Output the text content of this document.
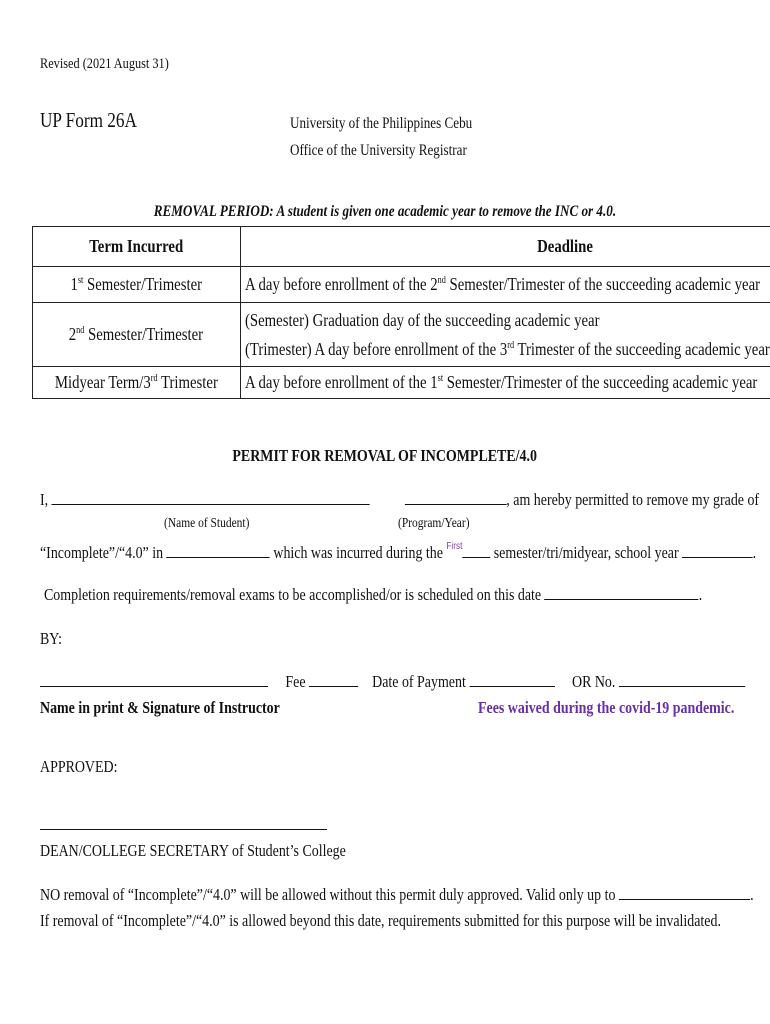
Revised (2021 August 31)
UP Form 26A	University of the Philippines Cebu
Office of the University Registrar
REMOVAL PERIOD: A student is given one academic year to remove the INC or 4.0.
Term Incurred	Deadline
1st Semester/Trimester	A day before enrollment of the 2nd Semester/Trimester of the succeeding academic year
2nd Semester/Trimester	(Semester) Graduation day of the succeeding academic year
(Trimester) A day before enrollment of the 3rd Trimester of the succeeding academic year

Midyear Term/3rd Trimester	A day before enrollment of the 1st Semester/Trimester of the succeeding academic year
PERMIT FOR REMOVAL OF INCOMPLETE/4.0
I,	, am hereby permitted to remove my grade of
(Name of Student)	(Program/Year)
“Incomplete”/“4.0” in	which was incurred during the $^{First}$ semester/tri/midyear, school year	.
Completion requirements/removal exams to be accomplished/or is scheduled on this date	.
BY:
Fee	Date of Payment	OR No.
Name in print & Signature of Instructor	Fees waived during the covid-19 pandemic.
APPROVED:
DEAN/COLLEGE SECRETARY of Student’s College
NO removal of “Incomplete”/“4.0” will be allowed without this permit duly approved. Valid only up to	.
If removal of “Incomplete”/“4.0” is allowed beyond this date, requirements submitted for this purpose will be invalidated.
